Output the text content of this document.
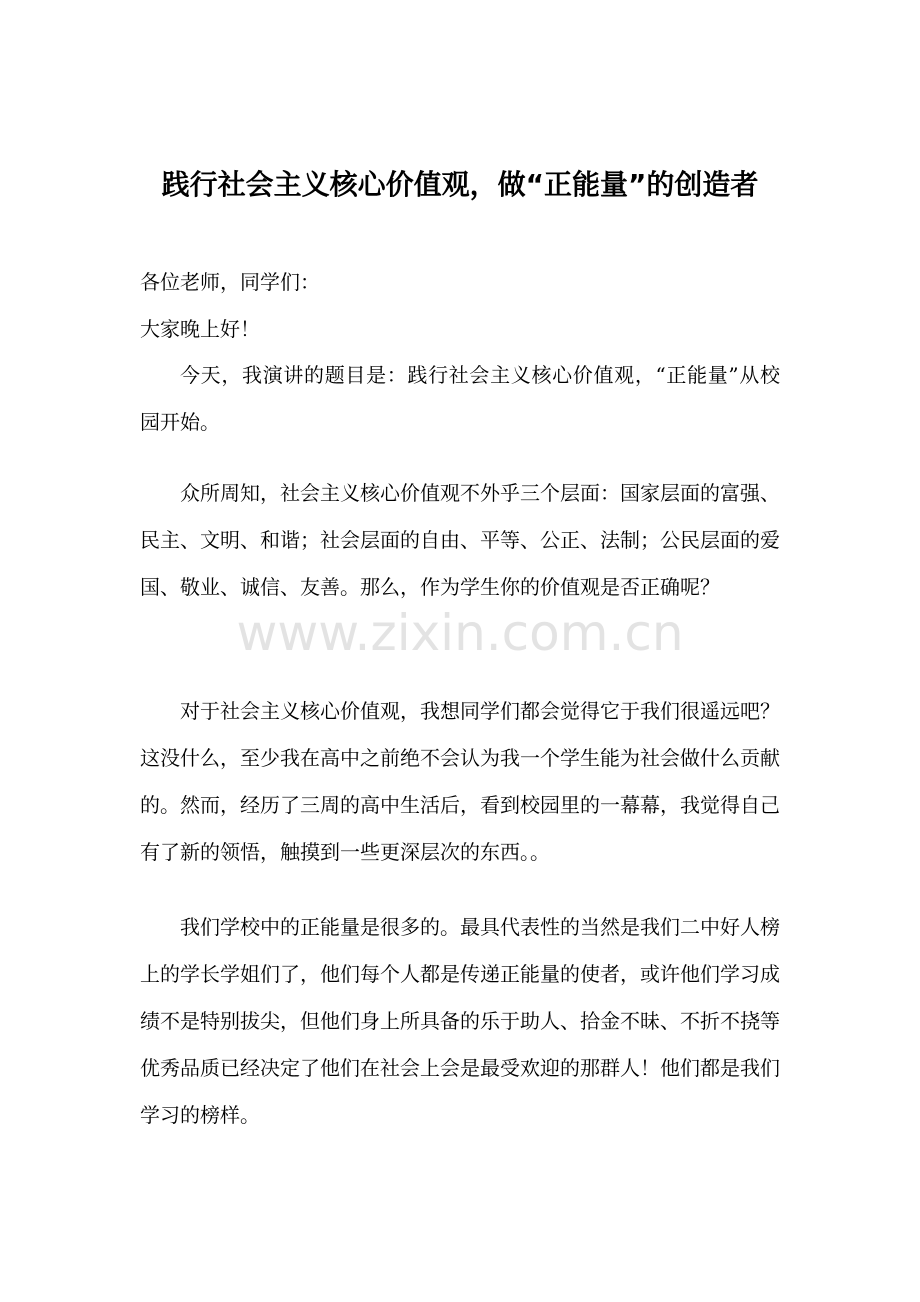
践行社会主义核心价值观，做“正能量”的创造者

各位老师，同学们：

大家晚上好！

今天，我演讲的题目是：践行社会主义核心价值观，“正能量”从校园开始。

众所周知，社会主义核心价值观不外乎三个层面：国家层面的富强、民主、文明、和谐；社会层面的自由、平等、公正、法制；公民层面的爱国、敬业、诚信、友善。那么，作为学生你的价值观是否正确呢？

对于社会主义核心价值观，我想同学们都会觉得它于我们很遥远吧？这没什么，至少我在高中之前绝不会认为我一个学生能为社会做什么贡献的。然而，经历了三周的高中生活后，看到校园里的一幕幕，我觉得自己有了新的领悟，触摸到一些更深层次的东西。。

我们学校中的正能量是很多的。最具代表性的当然是我们二中好人榜上的学长学姐们了，他们每个人都是传递正能量的使者，或许他们学习成绩不是特别拔尖，但他们身上所具备的乐于助人、拾金不昧、不折不挠等优秀品质已经决定了他们在社会上会是最受欢迎的那群人！他们都是我们学习的榜样。

www.zixin.com.cn
